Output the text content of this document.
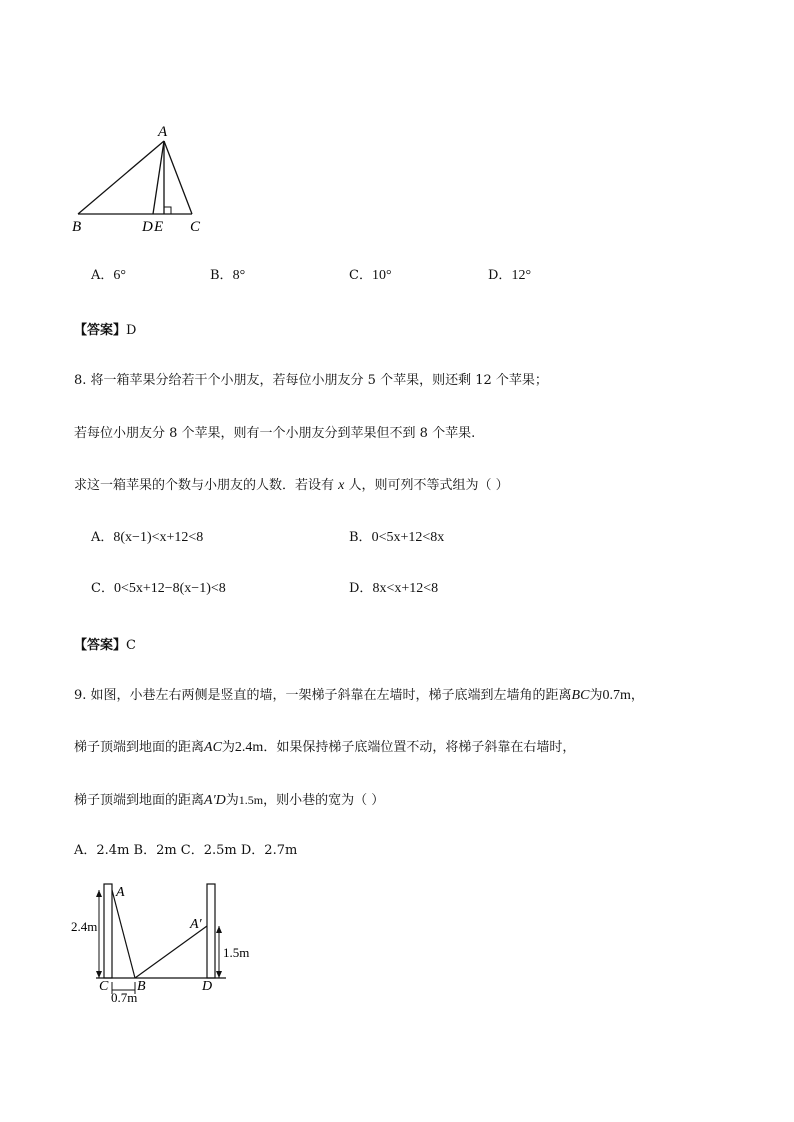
A
B	D E C
A．6°	B．8°	C．10°	D．12°
【答案】D
8. 将一箱苹果分给若干个小朋友，若每位小朋友分 5 个苹果，则还剩 12 个苹果；
若每位小朋友分 8 个苹果，则有一个小朋友分到苹果但不到 8 个苹果.
求这一箱苹果的个数与小朋友的人数．若设有 x 人，则可列不等式组为（ ）
A．8(x−1)<x+12<8	B．0<5x+12<8x
C．0<5x+12−8(x−1)<8	D．8x<x+12<8
【答案】C
9. 如图，小巷左右两侧是竖直的墙，一架梯子斜靠在左墙时，梯子底端到左墙角的距离BC为0.7m，
梯子顶端到地面的距离AC为2.4m．如果保持梯子底端位置不动，将梯子斜靠在右墙时，
梯子顶端到地面的距离A′D为1.5m，则小巷的宽为（ ）
A．2.4m B．2m C．2.5m D．2.7m
2.4m
1.5m
0.7m
A
A′
C B	D
